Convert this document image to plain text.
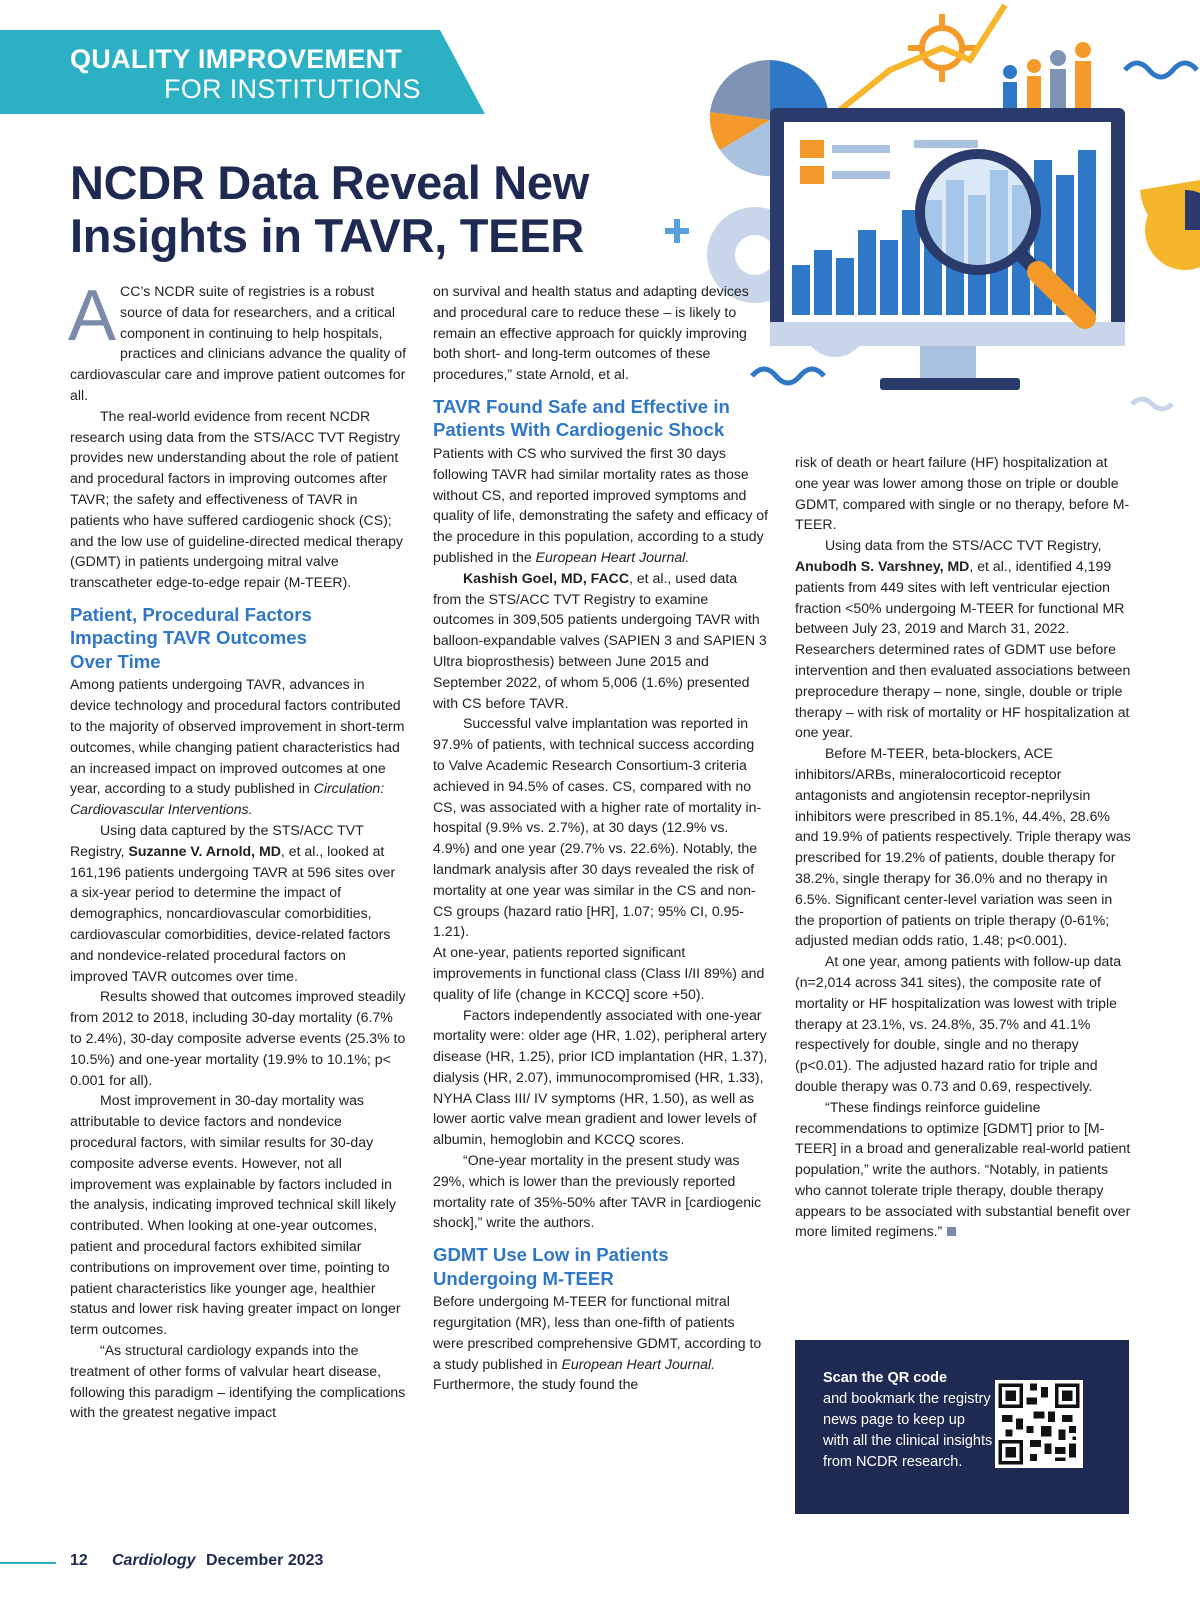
QUALITY IMPROVEMENT
FOR INSTITUTIONS
NCDR Data Reveal New Insights in TAVR, TEER

ACC’s NCDR suite of registries is a robust source of data for researchers, and a critical component in continuing to help hospitals, practices and clinicians advance the quality of cardiovascular care and improve patient outcomes for all.

The real-world evidence from recent NCDR research using data from the STS/ACC TVT Registry provides new understanding about the role of patient and procedural factors in improving outcomes after TAVR; the safety and effectiveness of TAVR in patients who have suffered cardiogenic shock (CS); and the low use of guideline-directed medical therapy (GDMT) in patients undergoing mitral valve transcatheter edge-to-edge repair (M-TEER).

Patient, Procedural Factors
Impacting TAVR Outcomes
Over Time

Among patients undergoing TAVR, advances in device technology and procedural factors contributed to the majority of observed improvement in short-term outcomes, while changing patient characteristics had an increased impact on improved outcomes at one year, according to a study published in Circulation: Cardiovascular Interventions.

Using data captured by the STS/ACC TVT Registry, Suzanne V. Arnold, MD, et al., looked at 161,196 patients undergoing TAVR at 596 sites over a six-year period to determine the impact of demographics, noncardiovascular comorbidities, cardiovascular comorbidities, device-related factors and nondevice-related procedural factors on improved TAVR outcomes over time.

Results showed that outcomes improved steadily from 2012 to 2018, including 30-day mortality (6.7% to 2.4%), 30-day composite adverse events (25.3% to 10.5%) and one-year mortality (19.9% to 10.1%; p< 0.001 for all).

Most improvement in 30-day mortality was attributable to device factors and nondevice procedural factors, with similar results for 30-day composite adverse events. However, not all improvement was explainable by factors included in the analysis, indicating improved technical skill likely contributed. When looking at one-year outcomes, patient and procedural factors exhibited similar contributions on improvement over time, pointing to patient characteristics like younger age, healthier status and lower risk having greater impact on longer term outcomes.

“As structural cardiology expands into the treatment of other forms of valvular heart disease, following this paradigm – identifying the complications with the greatest negative impact

on survival and health status and adapting devices and procedural care to reduce these – is likely to remain an effective approach for quickly improving both short- and long-term outcomes of these procedures,” state Arnold, et al.

TAVR Found Safe and Effective in
Patients With Cardiogenic Shock

Patients with CS who survived the first 30 days following TAVR had similar mortality rates as those without CS, and reported improved symptoms and quality of life, demonstrating the safety and efficacy of the procedure in this population, according to a study published in the European Heart Journal.

Kashish Goel, MD, FACC, et al., used data from the STS/ACC TVT Registry to examine outcomes in 309,505 patients undergoing TAVR with balloon-expandable valves (SAPIEN 3 and SAPIEN 3 Ultra bioprosthesis) between June 2015 and September 2022, of whom 5,006 (1.6%) presented with CS before TAVR.

Successful valve implantation was reported in 97.9% of patients, with technical success according to Valve Academic Research Consortium-3 criteria achieved in 94.5% of cases. CS, compared with no CS, was associated with a higher rate of mortality in-hospital (9.9% vs. 2.7%), at 30 days (12.9% vs. 4.9%) and one year (29.7% vs. 22.6%). Notably, the landmark analysis after 30 days revealed the risk of mortality at one year was similar in the CS and non-CS groups (hazard ratio [HR], 1.07; 95% CI, 0.95-1.21).

At one-year, patients reported significant improvements in functional class (Class I/II 89%) and quality of life (change in KCCQ] score +50).

Factors independently associated with one-year mortality were: older age (HR, 1.02), peripheral artery disease (HR, 1.25), prior ICD implantation (HR, 1.37), dialysis (HR, 2.07), immunocompromised (HR, 1.33), NYHA Class III/ IV symptoms (HR, 1.50), as well as lower aortic valve mean gradient and lower levels of albumin, hemoglobin and KCCQ scores.

“One-year mortality in the present study was 29%, which is lower than the previously reported mortality rate of 35%-50% after TAVR in [cardiogenic shock],” write the authors.

GDMT Use Low in Patients
Undergoing M-TEER

Before undergoing M-TEER for functional mitral regurgitation (MR), less than one-fifth of patients were prescribed comprehensive GDMT, according to a study published in European Heart Journal. Furthermore, the study found the

risk of death or heart failure (HF) hospitalization at one year was lower among those on triple or double GDMT, compared with single or no therapy, before M-TEER.

Using data from the STS/ACC TVT Registry, Anubodh S. Varshney, MD, et al., identified 4,199 patients from 449 sites with left ventricular ejection fraction <50% undergoing M-TEER for functional MR between July 23, 2019 and March 31, 2022. Researchers determined rates of GDMT use before intervention and then evaluated associations between preprocedure therapy – none, single, double or triple therapy – with risk of mortality or HF hospitalization at one year.

Before M-TEER, beta-blockers, ACE inhibitors/ARBs, mineralocorticoid receptor antagonists and angiotensin receptor-neprilysin inhibitors were prescribed in 85.1%, 44.4%, 28.6% and 19.9% of patients respectively. Triple therapy was prescribed for 19.2% of patients, double therapy for 38.2%, single therapy for 36.0% and no therapy in 6.5%. Significant center-level variation was seen in the proportion of patients on triple therapy (0-61%; adjusted median odds ratio, 1.48; p<0.001).

At one year, among patients with follow-up data (n=2,014 across 341 sites), the composite rate of mortality or HF hospitalization was lowest with triple therapy at 23.1%, vs. 24.8%, 35.7% and 41.1% respectively for double, single and no therapy (p<0.01). The adjusted hazard ratio for triple and double therapy was 0.73 and 0.69, respectively.

“These findings reinforce guideline recommendations to optimize [GDMT] prior to [M-TEER] in a broad and generalizable real-world patient population,” write the authors. “Notably, in patients who cannot tolerate triple therapy, double therapy appears to be associated with substantial benefit over more limited regimens.”

Scan the QR code
and bookmark the registry news page to keep up with all the clinical insights from NCDR research.
12 Cardiology December 2023
